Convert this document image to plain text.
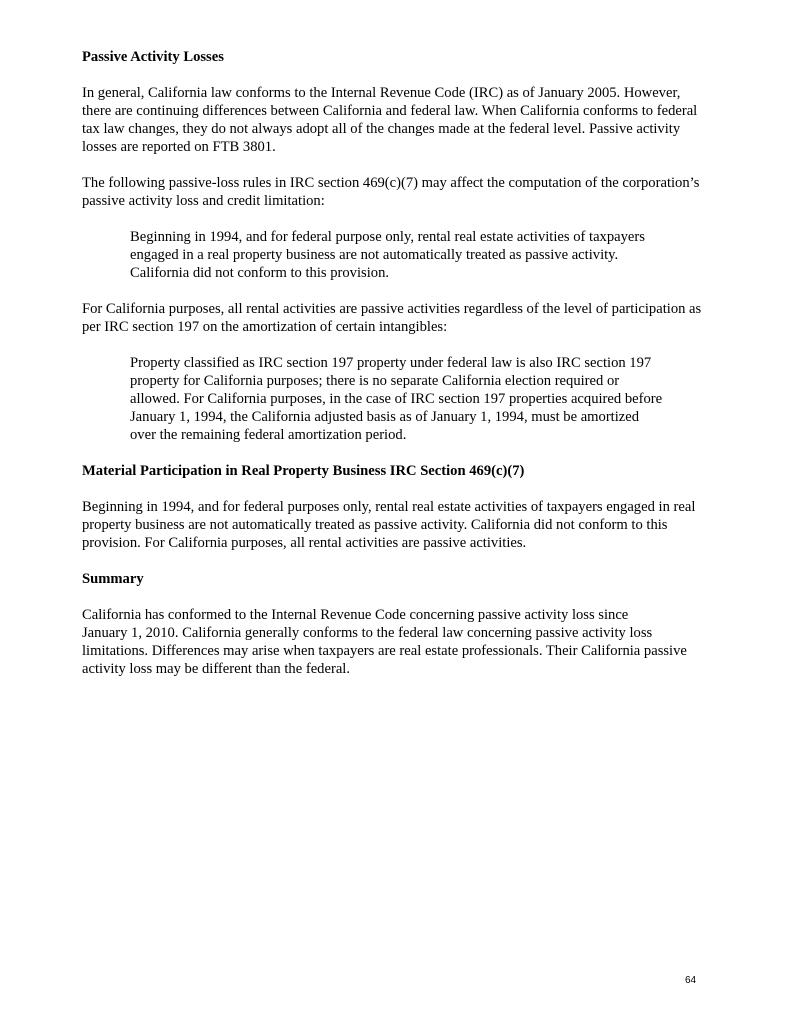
Passive Activity Losses
In general, California law conforms to the Internal Revenue Code (IRC) as of January 2005. However,
there are continuing differences between California and federal law. When California conforms to federal
tax law changes, they do not always adopt all of the changes made at the federal level. Passive activity
losses are reported on FTB 3801.
The following passive-loss rules in IRC section 469(c)(7) may affect the computation of the corporation’s
passive activity loss and credit limitation:
Beginning in 1994, and for federal purpose only, rental real estate activities of taxpayers
engaged in a real property business are not automatically treated as passive activity.
California did not conform to this provision.
For California purposes, all rental activities are passive activities regardless of the level of participation as
per IRC section 197 on the amortization of certain intangibles:
Property classified as IRC section 197 property under federal law is also IRC section 197
property for California purposes; there is no separate California election required or
allowed. For California purposes, in the case of IRC section 197 properties acquired before
January 1, 1994, the California adjusted basis as of January 1, 1994, must be amortized
over the remaining federal amortization period.
Material Participation in Real Property Business IRC Section 469(c)(7)
Beginning in 1994, and for federal purposes only, rental real estate activities of taxpayers engaged in real
property business are not automatically treated as passive activity. California did not conform to this
provision. For California purposes, all rental activities are passive activities.
Summary
California has conformed to the Internal Revenue Code concerning passive activity loss since
January 1, 2010. California generally conforms to the federal law concerning passive activity loss
limitations. Differences may arise when taxpayers are real estate professionals. Their California passive
activity loss may be different than the federal.
64
